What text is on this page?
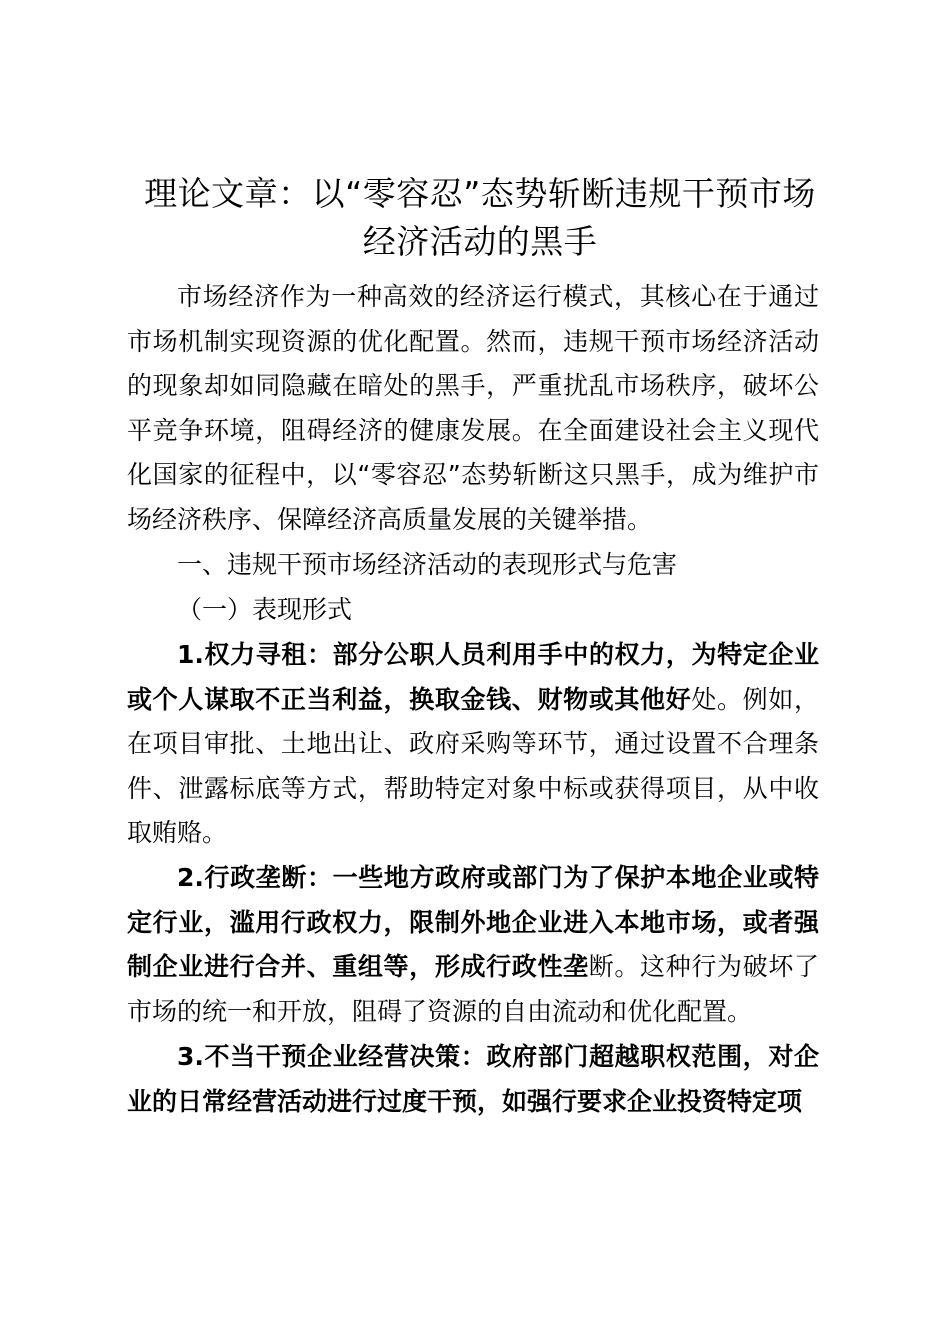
理论文章：以“零容忍”态势斩断违规干预市场
经济活动的黑手

市场经济作为一种高效的经济运行模式，其核心在于通过市场机制实现资源的优化配置。然而，违规干预市场经济活动的现象却如同隐藏在暗处的黑手，严重扰乱市场秩序，破坏公平竞争环境，阻碍经济的健康发展。在全面建设社会主义现代化国家的征程中，以“零容忍”态势斩断这只黑手，成为维护市场经济秩序、保障经济高质量发展的关键举措。

一、违规干预市场经济活动的表现形式与危害

（一）表现形式

1.权力寻租：部分公职人员利用手中的权力，为特定企业或个人谋取不正当利益，换取金钱、财物或其他好处。例如，在项目审批、土地出让、政府采购等环节，通过设置不合理条件、泄露标底等方式，帮助特定对象中标或获得项目，从中收取贿赂。

2.行政垄断：一些地方政府或部门为了保护本地企业或特定行业，滥用行政权力，限制外地企业进入本地市场，或者强制企业进行合并、重组等，形成行政性垄断。这种行为破坏了市场的统一和开放，阻碍了资源的自由流动和优化配置。

3.不当干预企业经营决策：政府部门超越职权范围，对企业的日常经营活动进行过度干预，如强行要求企业投资特定项
